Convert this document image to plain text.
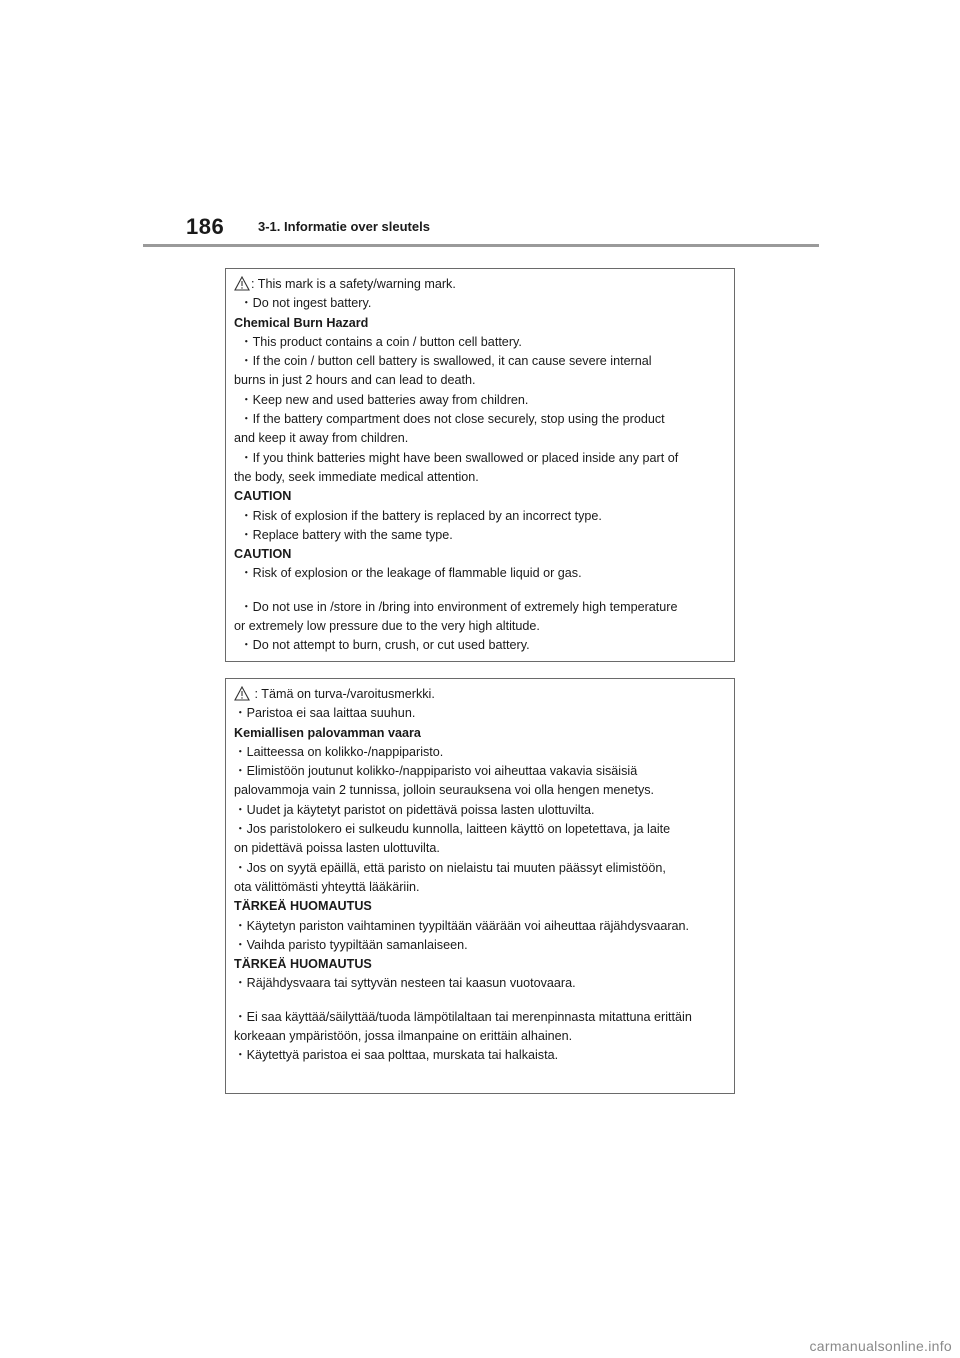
186	3-1. Informatie over sleutels
: This mark is a safety/warning mark.
・Do not ingest battery.
Chemical Burn Hazard
・This product contains a coin / button cell battery.
・If the coin / button cell battery is swallowed, it can cause severe internal
burns in just 2 hours and can lead to death.
・Keep new and used batteries away from children.
・If the battery compartment does not close securely, stop using the product
and keep it away from children.
・If you think batteries might have been swallowed or placed inside any part of
the body, seek immediate medical attention.
CAUTION
・Risk of explosion if the battery is replaced by an incorrect type.
・Replace battery with the same type.
CAUTION
・Risk of explosion or the leakage of flammable liquid or gas.
・Do not use in /store in /bring into environment of extremely high temperature
or extremely low pressure due to the very high altitude.
・Do not attempt to burn, crush, or cut used battery.
: Tämä on turva-/varoitusmerkki.
・Paristoa ei saa laittaa suuhun.
Kemiallisen palovamman vaara
・Laitteessa on kolikko-/nappiparisto.
・Elimistöön joutunut kolikko-/nappiparisto voi aiheuttaa vakavia sisäisiä
palovammoja vain 2 tunnissa, jolloin seurauksena voi olla hengen menetys.
・Uudet ja käytetyt paristot on pidettävä poissa lasten ulottuvilta.
・Jos paristolokero ei sulkeudu kunnolla, laitteen käyttö on lopetettava, ja laite
on pidettävä poissa lasten ulottuvilta.
・Jos on syytä epäillä, että paristo on nielaistu tai muuten päässyt elimistöön,
ota välittömästi yhteyttä lääkäriin.
TÄRKEÄ HUOMAUTUS
・Käytetyn pariston vaihtaminen tyypiltään väärään voi aiheuttaa räjähdysvaaran.
・Vaihda paristo tyypiltään samanlaiseen.
TÄRKEÄ HUOMAUTUS
・Räjähdysvaara tai syttyvän nesteen tai kaasun vuotovaara.
・Ei saa käyttää/säilyttää/tuoda lämpötilaltaan tai merenpinnasta mitattuna erittäin
korkeaan ympäristöön, jossa ilmanpaine on erittäin alhainen.
・Käytettyä paristoa ei saa polttaa, murskata tai halkaista.
carmanualsonline.info
